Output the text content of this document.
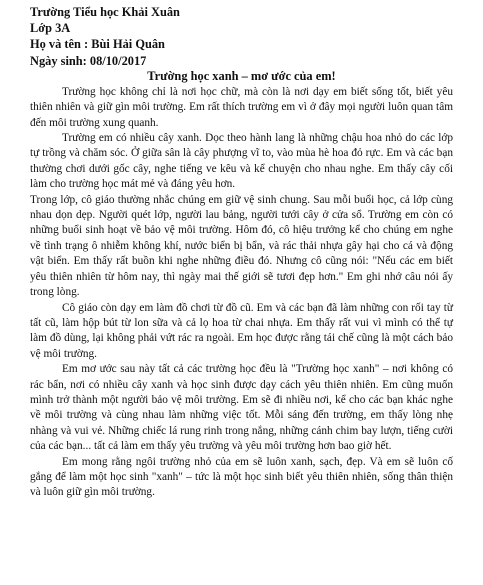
Trường Tiểu học Khải Xuân
Lớp 3A
Họ và tên : Bùi Hải Quân
Ngày sinh: 08/10/2017
Trường học xanh – mơ ước của em!

Trường học không chỉ là nơi học chữ, mà còn là nơi dạy em biết sống tốt, biết yêu thiên nhiên và giữ gìn môi trường. Em rất thích trường em vì ở đây mọi người luôn quan tâm đến môi trường xung quanh.

Trường em có nhiều cây xanh. Dọc theo hành lang là những chậu hoa nhỏ do các lớp tự trồng và chăm sóc. Ở giữa sân là cây phượng vĩ to, vào mùa hè hoa đỏ rực. Em và các bạn thường chơi dưới gốc cây, nghe tiếng ve kêu và kể chuyện cho nhau nghe. Em thấy cây cối làm cho trường học mát mẻ và đáng yêu hơn.

Trong lớp, cô giáo thường nhắc chúng em giữ vệ sinh chung. Sau mỗi buổi học, cả lớp cùng nhau dọn dẹp. Người quét lớp, người lau bảng, người tưới cây ở cửa sổ. Trường em còn có những buổi sinh hoạt về bảo vệ môi trường. Hôm đó, cô hiệu trưởng kể cho chúng em nghe về tình trạng ô nhiễm không khí, nước biển bị bẩn, và rác thải nhựa gây hại cho cá và động vật biển. Em thấy rất buồn khi nghe những điều đó. Nhưng cô cũng nói: "Nếu các em biết yêu thiên nhiên từ hôm nay, thì ngày mai thế giới sẽ tươi đẹp hơn." Em ghi nhớ câu nói ấy trong lòng.

Cô giáo còn dạy em làm đồ chơi từ đồ cũ. Em và các bạn đã làm những con rối tay từ tất cũ, làm hộp bút từ lon sữa và cả lọ hoa từ chai nhựa. Em thấy rất vui vì mình có thể tự làm đồ dùng, lại không phải vứt rác ra ngoài. Em học được rằng tái chế cũng là một cách bảo vệ môi trường.

Em mơ ước sau này tất cả các trường học đều là "Trường học xanh" – nơi không có rác bẩn, nơi có nhiều cây xanh và học sinh được dạy cách yêu thiên nhiên. Em cũng muốn mình trở thành một người bảo vệ môi trường. Em sẽ đi nhiều nơi, kể cho các bạn khác nghe về môi trường và cùng nhau làm những việc tốt. Mỗi sáng đến trường, em thấy lòng nhẹ nhàng và vui vẻ. Những chiếc lá rung rinh trong nắng, những cánh chim bay lượn, tiếng cười của các bạn... tất cả làm em thấy yêu trường và yêu môi trường hơn bao giờ hết.

Em mong rằng ngôi trường nhỏ của em sẽ luôn xanh, sạch, đẹp. Và em sẽ luôn cố gắng để làm một học sinh "xanh" – tức là một học sinh biết yêu thiên nhiên, sống thân thiện và luôn giữ gìn môi trường.
